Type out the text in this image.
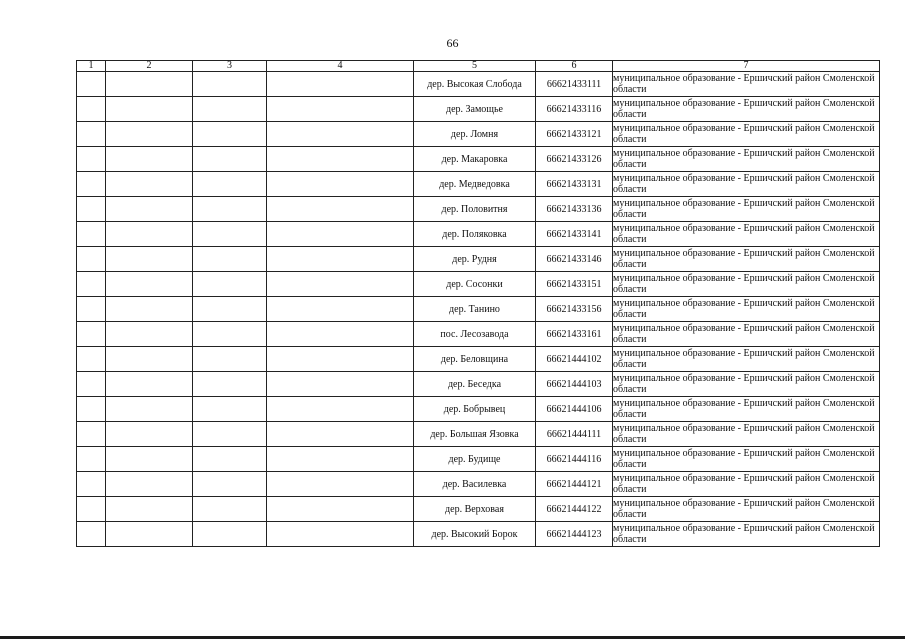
66
1	2	3	4	5	6	7
				дер. Высокая Слобода	66621433111	муниципальное образование - Ершичский район Смоленской области
				дер. Замощье	66621433116	муниципальное образование - Ершичский район Смоленской области
				дер. Ломня	66621433121	муниципальное образование - Ершичский район Смоленской области
				дер. Макаровка	66621433126	муниципальное образование - Ершичский район Смоленской области
				дер. Медведовка	66621433131	муниципальное образование - Ершичский район Смоленской области
				дер. Половитня	66621433136	муниципальное образование - Ершичский район Смоленской области
				дер. Поляковка	66621433141	муниципальное образование - Ершичский район Смоленской области
				дер. Рудня	66621433146	муниципальное образование - Ершичский район Смоленской области
				дер. Сосонки	66621433151	муниципальное образование - Ершичский район Смоленской области
				дер. Танино	66621433156	муниципальное образование - Ершичский район Смоленской области
				пос. Лесозавода	66621433161	муниципальное образование - Ершичский район Смоленской области
				дер. Беловщина	66621444102	муниципальное образование - Ершичский район Смоленской области
				дер. Беседка	66621444103	муниципальное образование - Ершичский район Смоленской области
				дер. Бобрывец	66621444106	муниципальное образование - Ершичский район Смоленской области
				дер. Большая Язовка	66621444111	муниципальное образование - Ершичский район Смоленской области
				дер. Будище	66621444116	муниципальное образование - Ершичский район Смоленской области
				дер. Василевка	66621444121	муниципальное образование - Ершичский район Смоленской области
				дер. Верховая	66621444122	муниципальное образование - Ершичский район Смоленской области
				дер. Высокий Борок	66621444123	муниципальное образование - Ершичский район Смоленской области
